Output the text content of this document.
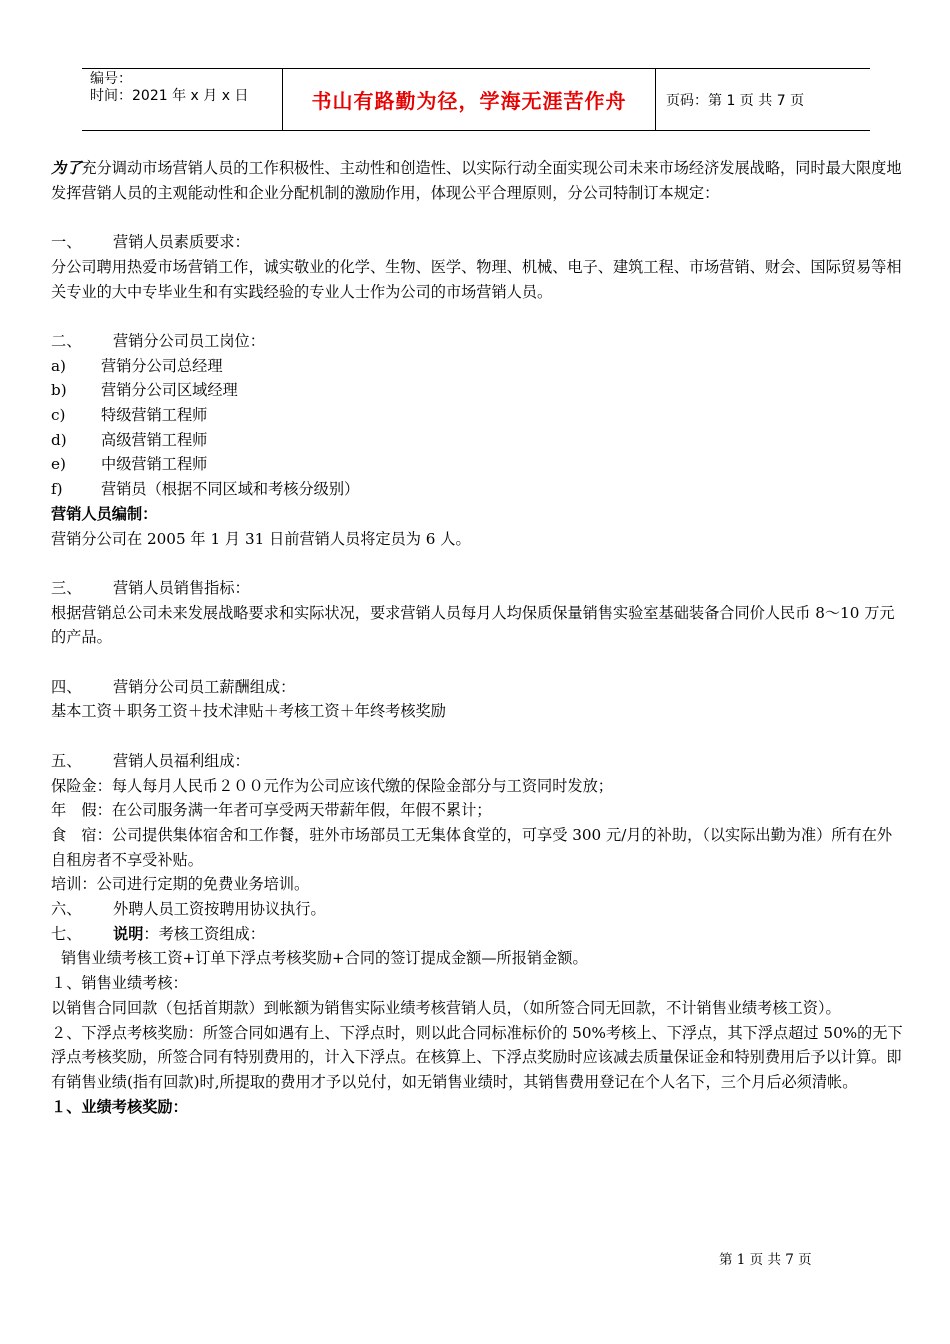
编号：
时间：2021 年 x 月 x 日	书山有路勤为径，学海无涯苦作舟	页码：第 1 页 共 7 页

为了充分调动市场营销人员的工作积极性、主动性和创造性、以实际行动全面实现公司未来市场经济发展战略，同时最大限度地发挥营销人员的主观能动性和企业分配机制的激励作用，体现公平合理原则，分公司特制订本规定：

一、 营销人员素质要求：

分公司聘用热爱市场营销工作，诚实敬业的化学、生物、医学、物理、机械、电子、建筑工程、市场营销、财会、国际贸易等相关专业的大中专毕业生和有实践经验的专业人士作为公司的市场营销人员。

二、 营销分公司员工岗位：

a) 营销分公司总经理

b) 营销分公司区域经理

c) 特级营销工程师

d) 高级营销工程师

e) 中级营销工程师

f)	营销员（根据不同区域和考核分级别）

营销人员编制：

营销分公司在 2005 年 1 月 31 日前营销人员将定员为 6 人。

三、 营销人员销售指标：

根据营销总公司未来发展战略要求和实际状况，要求营销人员每月人均保质保量销售实验室基础装备合同价人民币 8～10 万元的产品。

四、 营销分公司员工薪酬组成：

基本工资＋职务工资＋技术津贴＋考核工资＋年终考核奖励

五、 营销人员福利组成：

保险金：每人每月人民币２００元作为公司应该代缴的保险金部分与工资同时发放；

年　假：在公司服务满一年者可享受两天带薪年假，年假不累计；

食　宿：公司提供集体宿舍和工作餐，驻外市场部员工无集体食堂的，可享受 300 元/月的补助，（以实际出勤为准）所有在外自租房者不享受补贴。

培训：公司进行定期的免费业务培训。

六、 外聘人员工资按聘用协议执行。

七、 说明：考核工资组成：

销售业绩考核工资+订单下浮点考核奖励+合同的签订提成金额—所报销金额。

１、销售业绩考核：

以销售合同回款（包括首期款）到帐额为销售实际业绩考核营销人员，（如所签合同无回款，不计销售业绩考核工资）。

２、下浮点考核奖励：所签合同如遇有上、下浮点时，则以此合同标准标价的 50%考核上、下浮点，其下浮点超过 50%的无下浮点考核奖励，所签合同有特别费用的，计入下浮点。在核算上、下浮点奖励时应该减去质量保证金和特别费用后予以计算。即有销售业绩(指有回款)时,所提取的费用才予以兑付，如无销售业绩时，其销售费用登记在个人名下，三个月后必须清帐。

１、业绩考核奖励：

第 1 页 共 7 页
